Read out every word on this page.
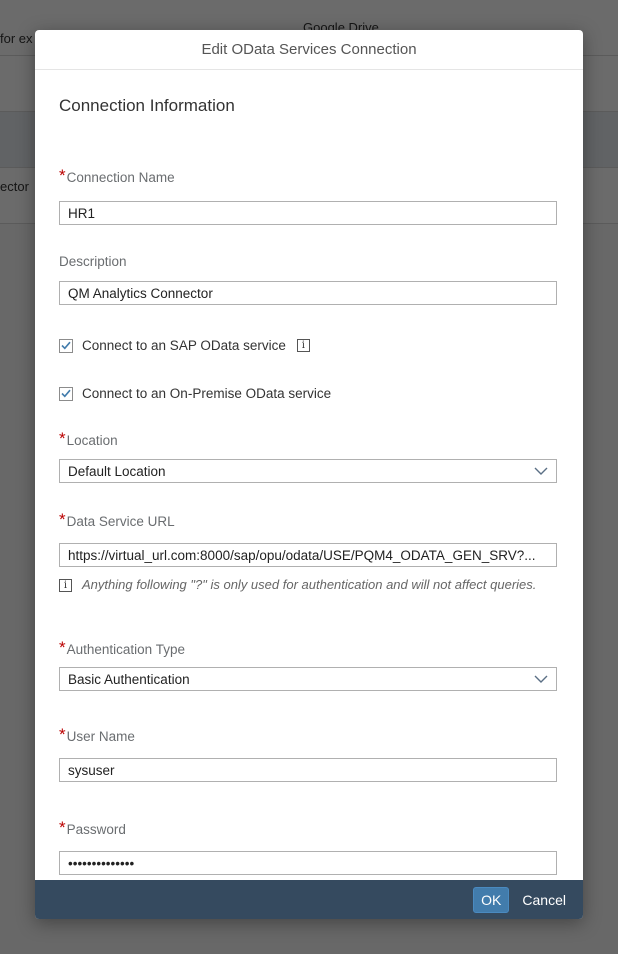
Edit OData Services Connection
Connection Information
* Connection Name
HR1
Description
QM Analytics Connector
Connect to an SAP OData service	i
Connect to an On-Premise OData service
* Location
Default Location
* Data Service URL
https://virtual_url.com:8000/sap/opu/odata/USE/PQM4_ODATA_GEN_SRV?...
i	Anything following "?" is only used for authentication and will not affect queries.
* Authentication Type
Basic Authentication
* User Name
sysuser
* Password
••••••••••••••
OK	Cancel
